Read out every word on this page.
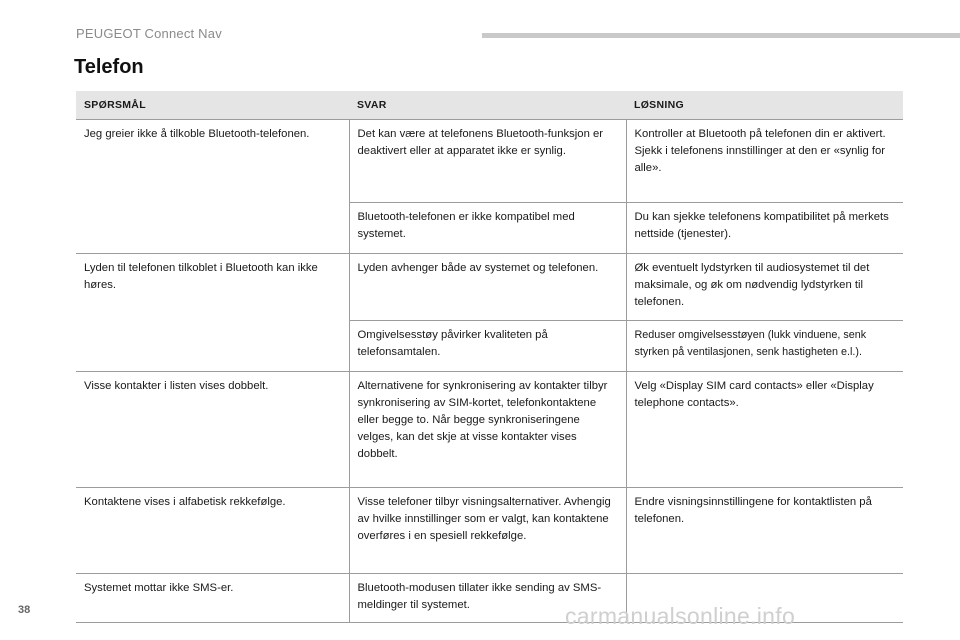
PEUGEOT Connect Nav
Telefon
SPØRSMÅL	SVAR	LØSNING
Jeg greier ikke å tilkoble Bluetooth-telefonen.	Det kan være at telefonens Bluetooth-funksjon er deaktivert eller at apparatet ikke er synlig.	Kontroller at Bluetooth på telefonen din er aktivert.
Sjekk i telefonens innstillinger at den er «synlig for alle».
	Bluetooth-telefonen er ikke kompatibel med systemet.	Du kan sjekke telefonens kompatibilitet på merkets nettside (tjenester).
Lyden til telefonen tilkoblet i Bluetooth kan ikke høres.	Lyden avhenger både av systemet og telefonen.	Øk eventuelt lydstyrken til audiosystemet til det maksimale, og øk om nødvendig lydstyrken til telefonen.
	Omgivelsesstøy påvirker kvaliteten på telefonsamtalen.	Reduser omgivelsesstøyen (lukk vinduene, senk styrken på ventilasjonen, senk hastigheten e.l.).
Visse kontakter i listen vises dobbelt.	Alternativene for synkronisering av kontakter tilbyr synkronisering av SIM-kortet, telefonkontaktene eller begge to. Når begge synkroniseringene velges, kan det skje at visse kontakter vises dobbelt.	Velg «Display SIM card contacts» eller «Display telephone contacts».
Kontaktene vises i alfabetisk rekkefølge.	Visse telefoner tilbyr visningsalternativer. Avhengig av hvilke innstillinger som er valgt, kan kontaktene overføres i en spesiell rekkefølge.	Endre visningsinnstillingene for kontaktlisten på telefonen.
Systemet mottar ikke SMS-er.	Bluetooth-modusen tillater ikke sending av SMS-meldinger til systemet.	
38	carmanualsonline.info
